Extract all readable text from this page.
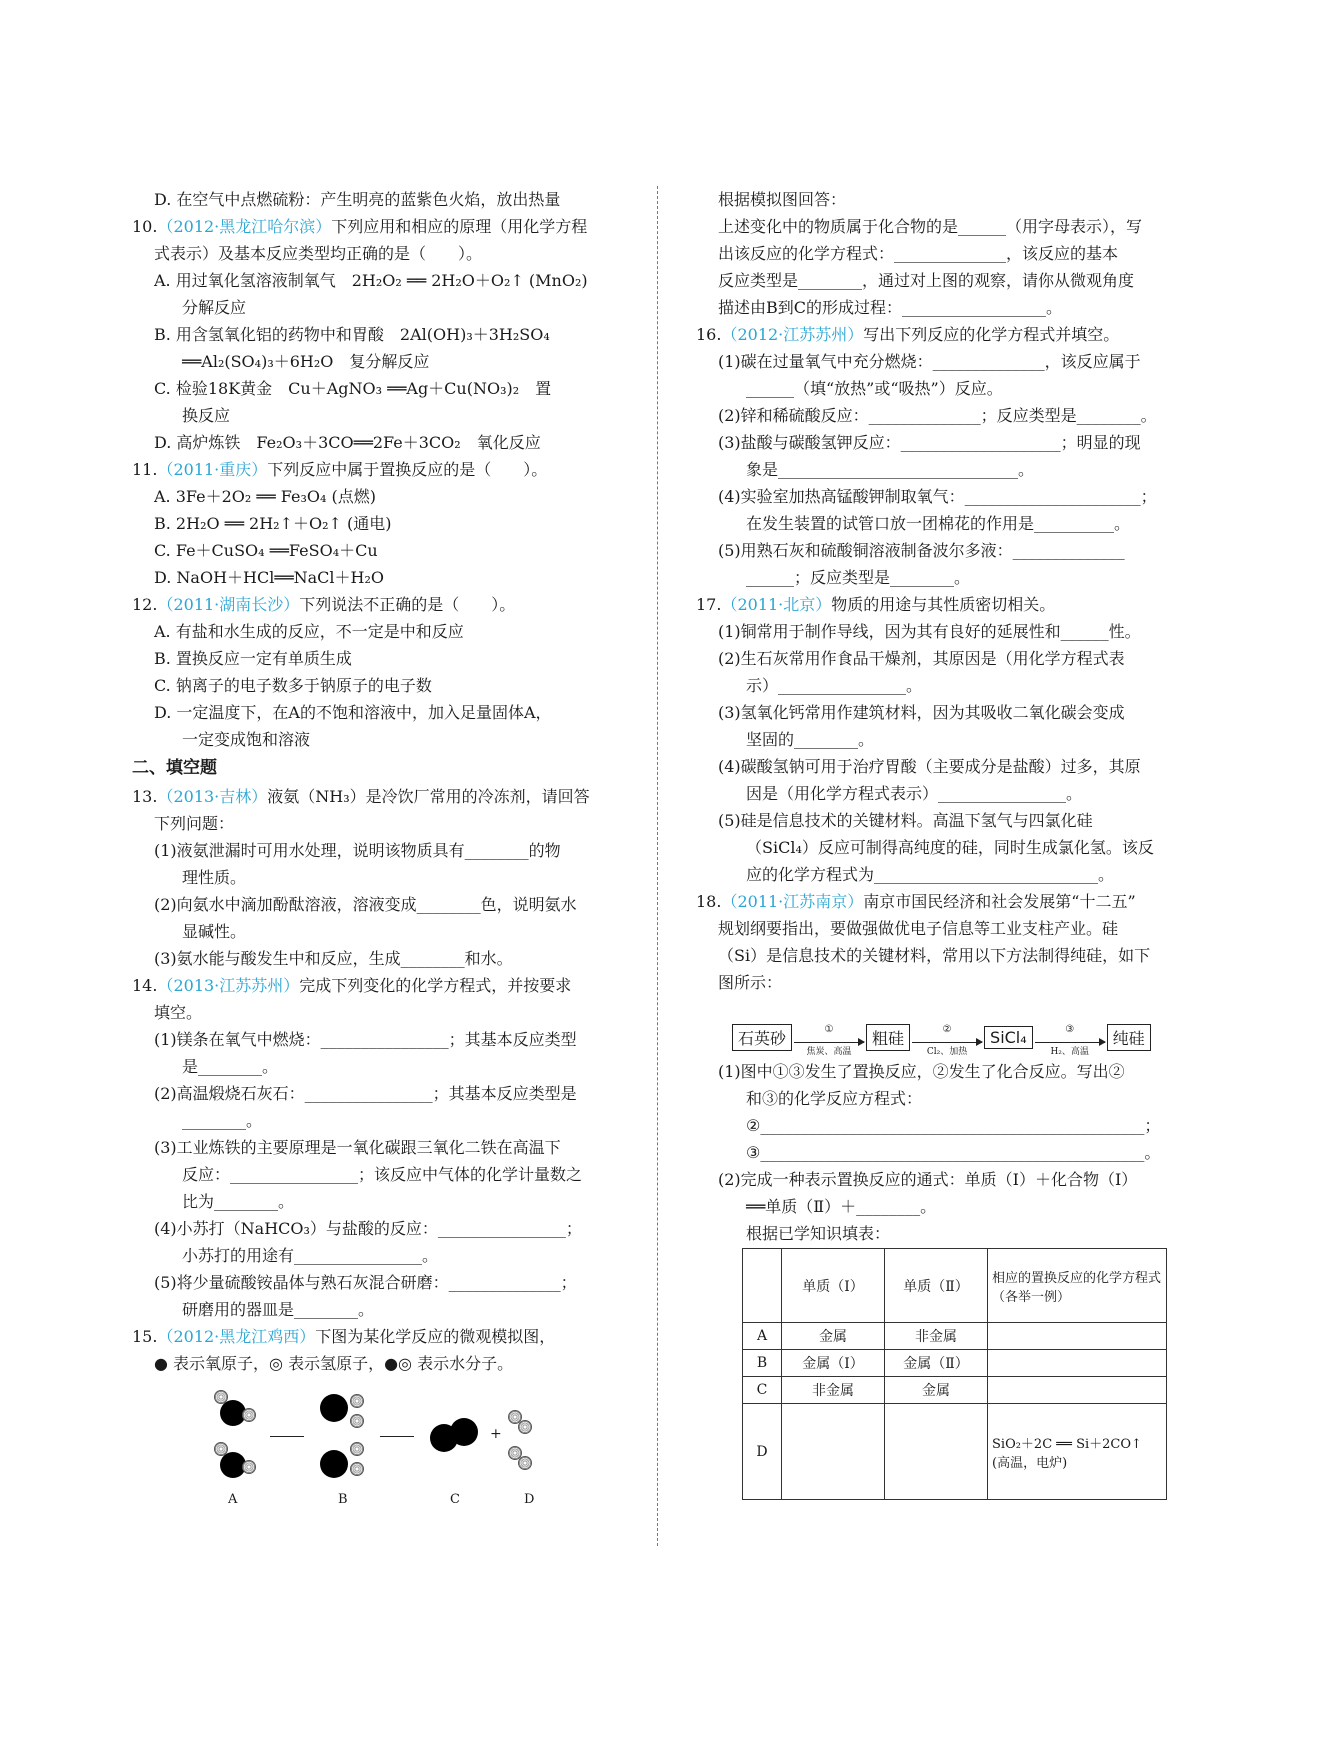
D. 在空气中点燃硫粉：产生明亮的蓝紫色火焰，放出热量
10.（2012·黑龙江哈尔滨）下列应用和相应的原理（用化学方程
式表示）及基本反应类型均正确的是（　　）。
A. 用过氧化氢溶液制氧气　2H₂O₂ ══ 2H₂O＋O₂↑ (MnO₂)
分解反应
B. 用含氢氧化铝的药物中和胃酸　2Al(OH)₃＋3H₂SO₄
══Al₂(SO₄)₃＋6H₂O　复分解反应
C. 检验18K黄金　Cu＋AgNO₃ ══Ag＋Cu(NO₃)₂　置
换反应
D. 高炉炼铁　Fe₂O₃＋3CO══2Fe＋3CO₂　氧化反应
11.（2011·重庆）下列反应中属于置换反应的是（　　）。
A. 3Fe＋2O₂ ══ Fe₃O₄ (点燃)
B. 2H₂O ══ 2H₂↑＋O₂↑ (通电)
C. Fe＋CuSO₄ ══FeSO₄＋Cu
D. NaOH＋HCl══NaCl＋H₂O
12.（2011·湖南长沙）下列说法不正确的是（　　）。
A. 有盐和水生成的反应，不一定是中和反应
B. 置换反应一定有单质生成
C. 钠离子的电子数多于钠原子的电子数
D. 一定温度下，在A的不饱和溶液中，加入足量固体A，
一定变成饱和溶液
二、填空题
13.（2013·吉林）液氨（NH₃）是冷饮厂常用的冷冻剂，请回答
下列问题：
(1)液氨泄漏时可用水处理，说明该物质具有________的物
理性质。
(2)向氨水中滴加酚酞溶液，溶液变成________色，说明氨水
显碱性。
(3)氨水能与酸发生中和反应，生成________和水。
14.（2013·江苏苏州）完成下列变化的化学方程式，并按要求
填空。
(1)镁条在氧气中燃烧：________________；其基本反应类型
是________。
(2)高温煅烧石灰石：________________；其基本反应类型是
________。
(3)工业炼铁的主要原理是一氧化碳跟三氧化二铁在高温下
反应：________________；该反应中气体的化学计量数之
比为________。
(4)小苏打（NaHCO₃）与盐酸的反应：________________；
小苏打的用途有________________。
(5)将少量硫酸铵晶体与熟石灰混合研磨：______________；
研磨用的器皿是________。
15.（2012·黑龙江鸡西）下图为某化学反应的微观模拟图，
● 表示氧原子，◎ 表示氢原子，●◎ 表示水分子。
根据模拟图回答：
上述变化中的物质属于化合物的是______（用字母表示），写
出该反应的化学方程式：______________，该反应的基本
反应类型是________，通过对上图的观察，请你从微观角度
描述由B到C的形成过程：__________________。
16.（2012·江苏苏州）写出下列反应的化学方程式并填空。
(1)碳在过量氧气中充分燃烧：______________，该反应属于
______（填“放热”或“吸热”）反应。
(2)锌和稀硫酸反应：______________；反应类型是________。
(3)盐酸与碳酸氢钾反应：____________________；明显的现
象是______________________________。
(4)实验室加热高锰酸钾制取氧气：______________________；
在发生装置的试管口放一团棉花的作用是__________。
(5)用熟石灰和硫酸铜溶液制备波尔多液：______________
______；反应类型是________。
17.（2011·北京）物质的用途与其性质密切相关。
(1)铜常用于制作导线，因为其有良好的延展性和______性。
(2)生石灰常用作食品干燥剂，其原因是（用化学方程式表
示）________________。
(3)氢氧化钙常用作建筑材料，因为其吸收二氧化碳会变成
坚固的________。
(4)碳酸氢钠可用于治疗胃酸（主要成分是盐酸）过多，其原
因是（用化学方程式表示）________________。
(5)硅是信息技术的关键材料。高温下氢气与四氯化硅
（SiCl₄）反应可制得高纯度的硅，同时生成氯化氢。该反
应的化学方程式为____________________________。
18.（2011·江苏南京）南京市国民经济和社会发展第“十二五”
规划纲要指出，要做强做优电子信息等工业支柱产业。硅
（Si）是信息技术的关键材料，常用以下方法制得纯硅，如下
图所示：
+
A	B	C	D
石英砂	①
焦炭、高温
粗硅	②
Cl₂、加热
SiCl₄	③
H₂、高温
纯硅
(1)图中①③发生了置换反应，②发生了化合反应。写出②
和③的化学反应方程式：
②________________________________________________；
③________________________________________________。
(2)完成一种表示置换反应的通式：单质（Ⅰ）＋化合物（Ⅰ）
══单质（Ⅱ）＋________。
根据已学知识填表：
	单质（Ⅰ）	单质（Ⅱ）	相应的置换反应的化学方程式（各举一例）
A	金属	非金属	
B	金属（Ⅰ）	金属（Ⅱ）	
C	非金属	金属	
D			SiO₂＋2C ══ Si＋2CO↑ (高温，电炉)
